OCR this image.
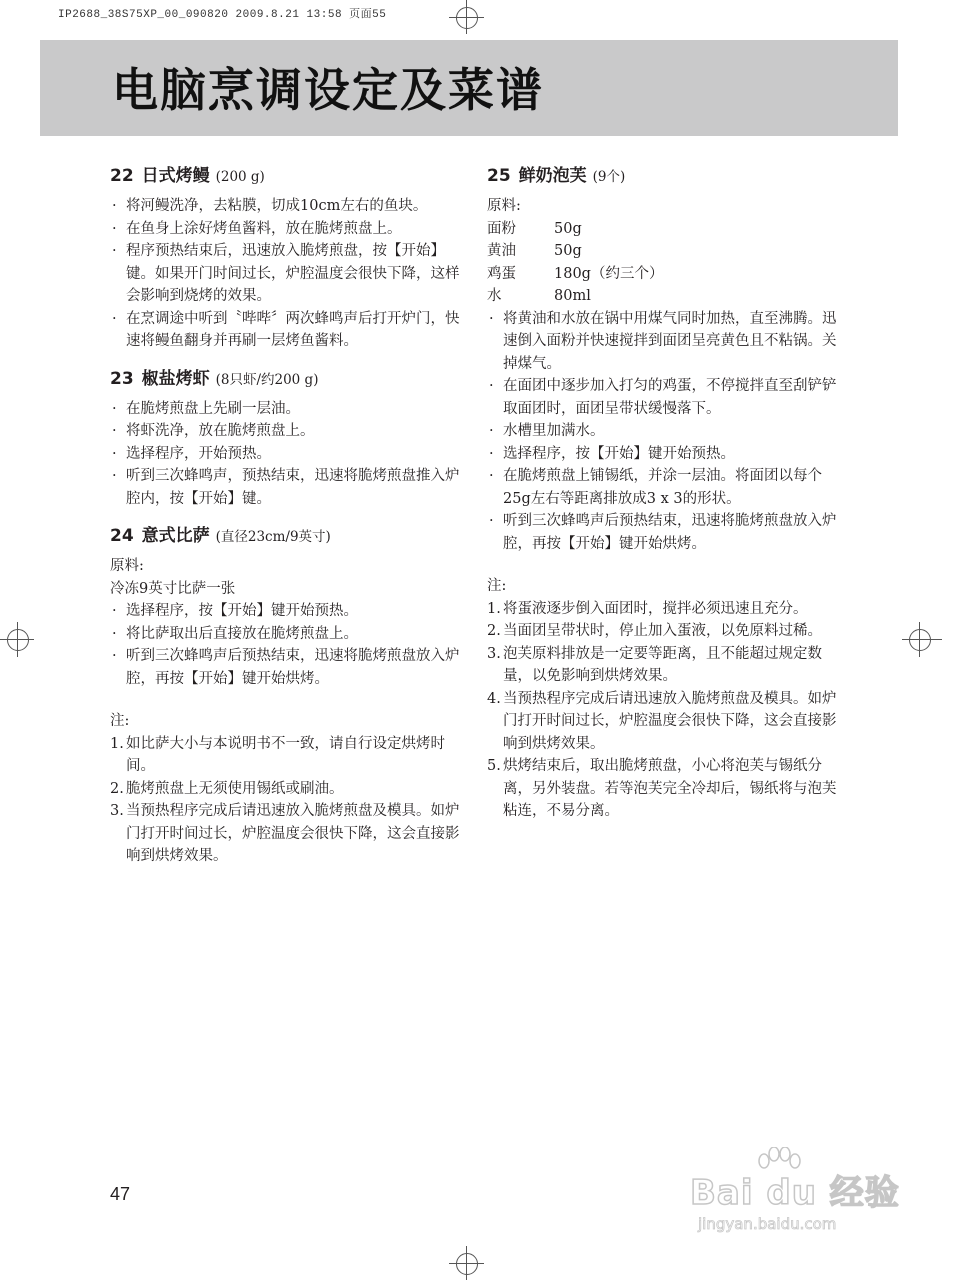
IP2688_38S75XP_00_090820 2009.8.21 13:58 页面55
电脑烹调设定及菜谱
22 日式烤鳗 (200 g)
· 将河鳗洗净，去粘膜，切成10cm左右的鱼块。
· 在鱼身上涂好烤鱼酱料，放在脆烤煎盘上。
· 程序预热结束后，迅速放入脆烤煎盘，按【开始】键。如果开门时间过长，炉腔温度会很快下降，这样会影响到烧烤的效果。
· 在烹调途中听到〝哔哔〞两次蜂鸣声后打开炉门，快速将鳗鱼翻身并再刷一层烤鱼酱料。
23 椒盐烤虾 (8只虾/约200 g)
· 在脆烤煎盘上先刷一层油。
· 将虾洗净，放在脆烤煎盘上。
· 选择程序，开始预热。
· 听到三次蜂鸣声，预热结束，迅速将脆烤煎盘推入炉腔内，按【开始】键。
24 意式比萨 (直径23cm/9英寸)

原料:

冷冻9英寸比萨一张

· 选择程序，按【开始】键开始预热。
· 将比萨取出后直接放在脆烤煎盘上。
· 听到三次蜂鸣声后预热结束，迅速将脆烤煎盘放入炉腔，再按【开始】键开始烘烤。

注:

1. 如比萨大小与本说明书不一致，请自行设定烘烤时间。
2. 脆烤煎盘上无须使用锡纸或刷油。
3. 当预热程序完成后请迅速放入脆烤煎盘及模具。如炉门打开时间过长，炉腔温度会很快下降，这会直接影响到烘烤效果。
25 鲜奶泡芙 (9个)

原料:

面粉	50g
黄油	50g
鸡蛋	180g（约三个）
水	80ml
· 将黄油和水放在锅中用煤气同时加热，直至沸腾。迅速倒入面粉并快速搅拌到面团呈亮黄色且不粘锅。关掉煤气。
· 在面团中逐步加入打匀的鸡蛋，不停搅拌直至刮铲铲取面团时，面团呈带状缓慢落下。
· 水槽里加满水。
· 选择程序，按【开始】键开始预热。
· 在脆烤煎盘上铺锡纸，并涂一层油。将面团以每个25g左右等距离排放成3 x 3的形状。
· 听到三次蜂鸣声后预热结束，迅速将脆烤煎盘放入炉腔，再按【开始】键开始烘烤。

注:

1. 将蛋液逐步倒入面团时，搅拌必须迅速且充分。
2. 当面团呈带状时，停止加入蛋液，以免原料过稀。
3. 泡芙原料排放是一定要等距离，且不能超过规定数量，以免影响到烘烤效果。
4. 当预热程序完成后请迅速放入脆烤煎盘及模具。如炉门打开时间过长，炉腔温度会很快下降，这会直接影响到烘烤效果。
5. 烘烤结束后，取出脆烤煎盘，小心将泡芙与锡纸分离，另外装盘。若等泡芙完全冷却后，锡纸将与泡芙粘连，不易分离。
47	Bai du 经验
jingyan.baidu.com
